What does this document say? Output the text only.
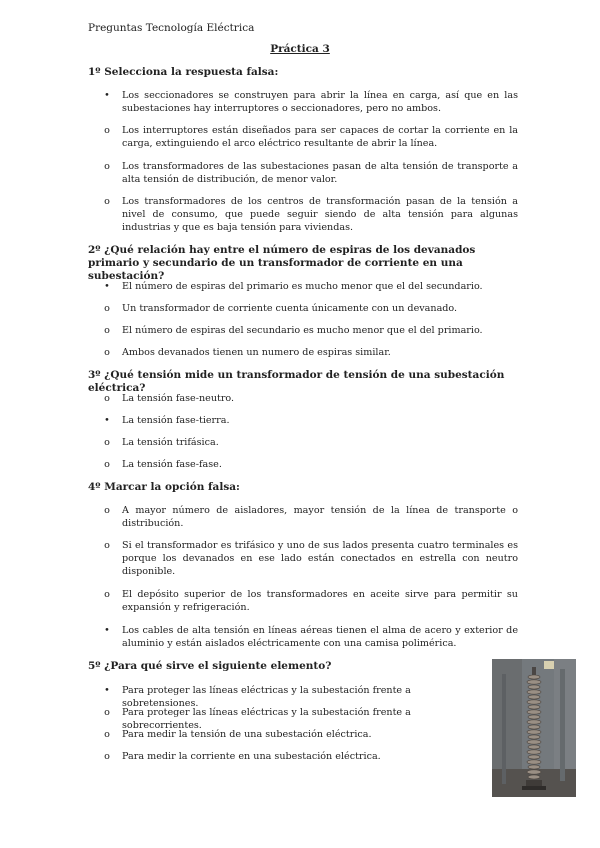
Preguntas Tecnología Eléctrica
Práctica 3
1º Selecciona la respuesta falsa:
•	Los seccionadores se construyen para abrir la línea en carga, así que en las subestaciones hay interruptores o seccionadores, pero no ambos.
o	Los interruptores están diseñados para ser capaces de cortar la corriente en la carga, extinguiendo el arco eléctrico resultante de abrir la línea.
o	Los transformadores de las subestaciones pasan de alta tensión de transporte a alta tensión de distribución, de menor valor.
o	Los transformadores de los centros de transformación pasan de la tensión a nivel de consumo, que puede seguir siendo de alta tensión para algunas industrias y que es baja tensión para viviendas.
2º ¿Qué relación hay entre el número de espiras de los devanados primario y secundario de un transformador de corriente en una subestación?
•	El número de espiras del primario es mucho menor que el del secundario.
o	Un transformador de corriente cuenta únicamente con un devanado.
o	El número de espiras del secundario es mucho menor que el del primario.
o	Ambos devanados tienen un numero de espiras similar.
3º ¿Qué tensión mide un transformador de tensión de una subestación eléctrica?
o	La tensión fase-neutro.
•	La tensión fase-tierra.
o	La tensión trifásica.
o	La tensión fase-fase.
4º Marcar la opción falsa:
o	A mayor número de aisladores, mayor tensión de la línea de transporte o distribución.
o	Si el transformador es trifásico y uno de sus lados presenta cuatro terminales es porque los devanados en ese lado están conectados en estrella con neutro disponible.
o	El depósito superior de los transformadores en aceite sirve para permitir su expansión y refrigeración.
•	Los cables de alta tensión en líneas aéreas tienen el alma de acero y exterior de aluminio y están aislados eléctricamente con una camisa polimérica.
5º ¿Para qué sirve el siguiente elemento?
•	Para proteger las líneas eléctricas y la subestación frente a sobretensiones.
o	Para proteger las líneas eléctricas y la subestación frente a sobrecorrientes.
o	Para medir la tensión de una subestación eléctrica.
o	Para medir la corriente en una subestación eléctrica.
